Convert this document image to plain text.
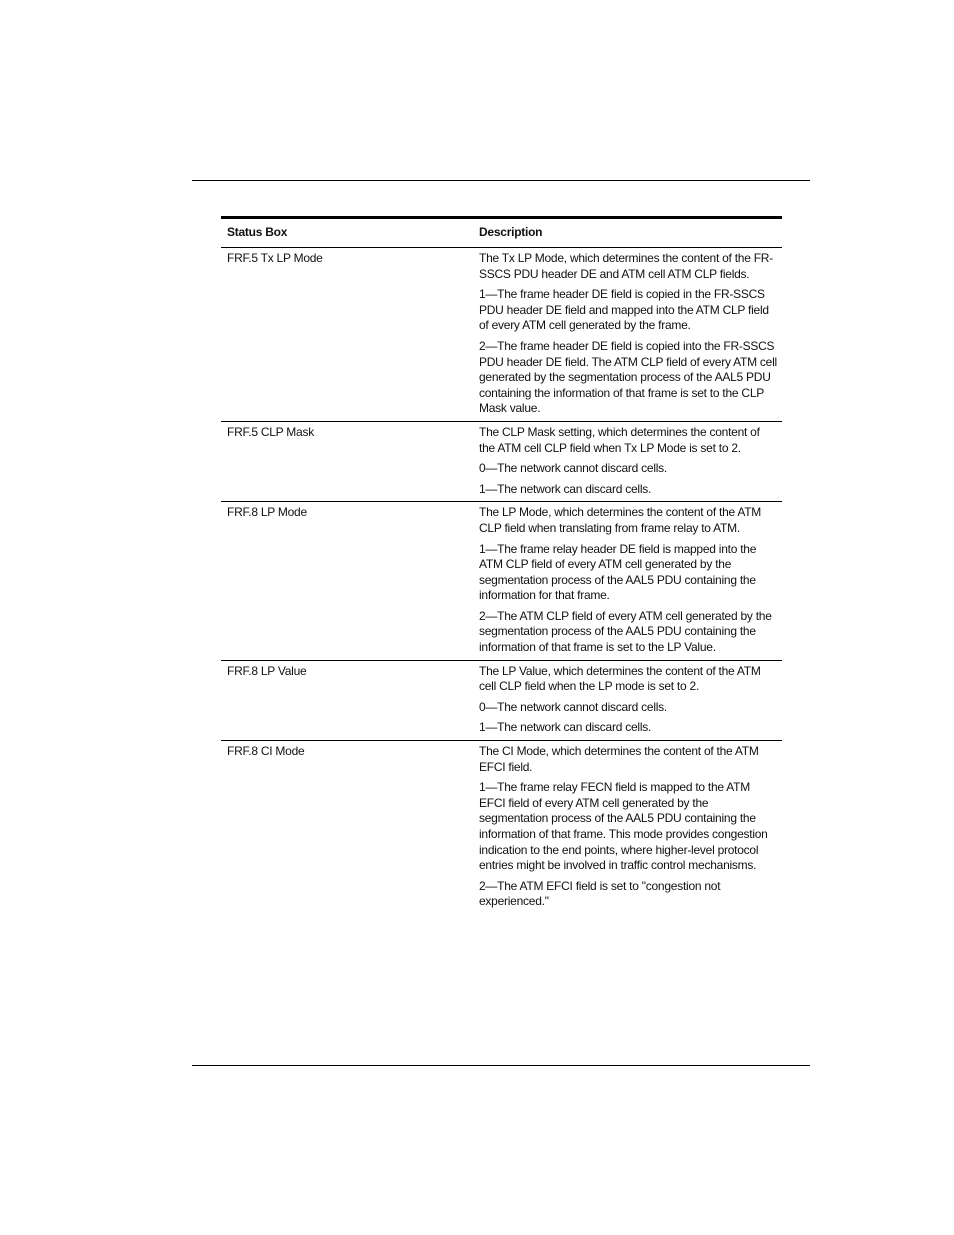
Status Box	Description
FRF.5 Tx LP Mode	The Tx LP Mode, which determines the content of the FR-SSCS PDU header DE and ATM cell ATM CLP fields.

1—The frame header DE field is copied in the FR-SSCS PDU header DE field and mapped into the ATM CLP field of every ATM cell generated by the frame.

2—The frame header DE field is copied into the FR-SSCS PDU header DE field. The ATM CLP field of every ATM cell generated by the segmentation process of the AAL5 PDU containing the information of that frame is set to the CLP Mask value.

FRF.5 CLP Mask	The CLP Mask setting, which determines the content of the ATM cell CLP field when Tx LP Mode is set to 2.

0—The network cannot discard cells.

1—The network can discard cells.

FRF.8 LP Mode	The LP Mode, which determines the content of the ATM CLP field when translating from frame relay to ATM.

1—The frame relay header DE field is mapped into the ATM CLP field of every ATM cell generated by the segmentation process of the AAL5 PDU containing the information for that frame.

2—The ATM CLP field of every ATM cell generated by the segmentation process of the AAL5 PDU containing the information of that frame is set to the LP Value.

FRF.8 LP Value	The LP Value, which determines the content of the ATM cell CLP field when the LP mode is set to 2.

0—The network cannot discard cells.

1—The network can discard cells.

FRF.8 CI Mode	The CI Mode, which determines the content of the ATM EFCI field.

1—The frame relay FECN field is mapped to the ATM EFCI field of every ATM cell generated by the segmentation process of the AAL5 PDU containing the information of that frame. This mode provides congestion indication to the end points, where higher-level protocol entries might be involved in traffic control mechanisms.

2—The ATM EFCI field is set to "congestion not experienced."
